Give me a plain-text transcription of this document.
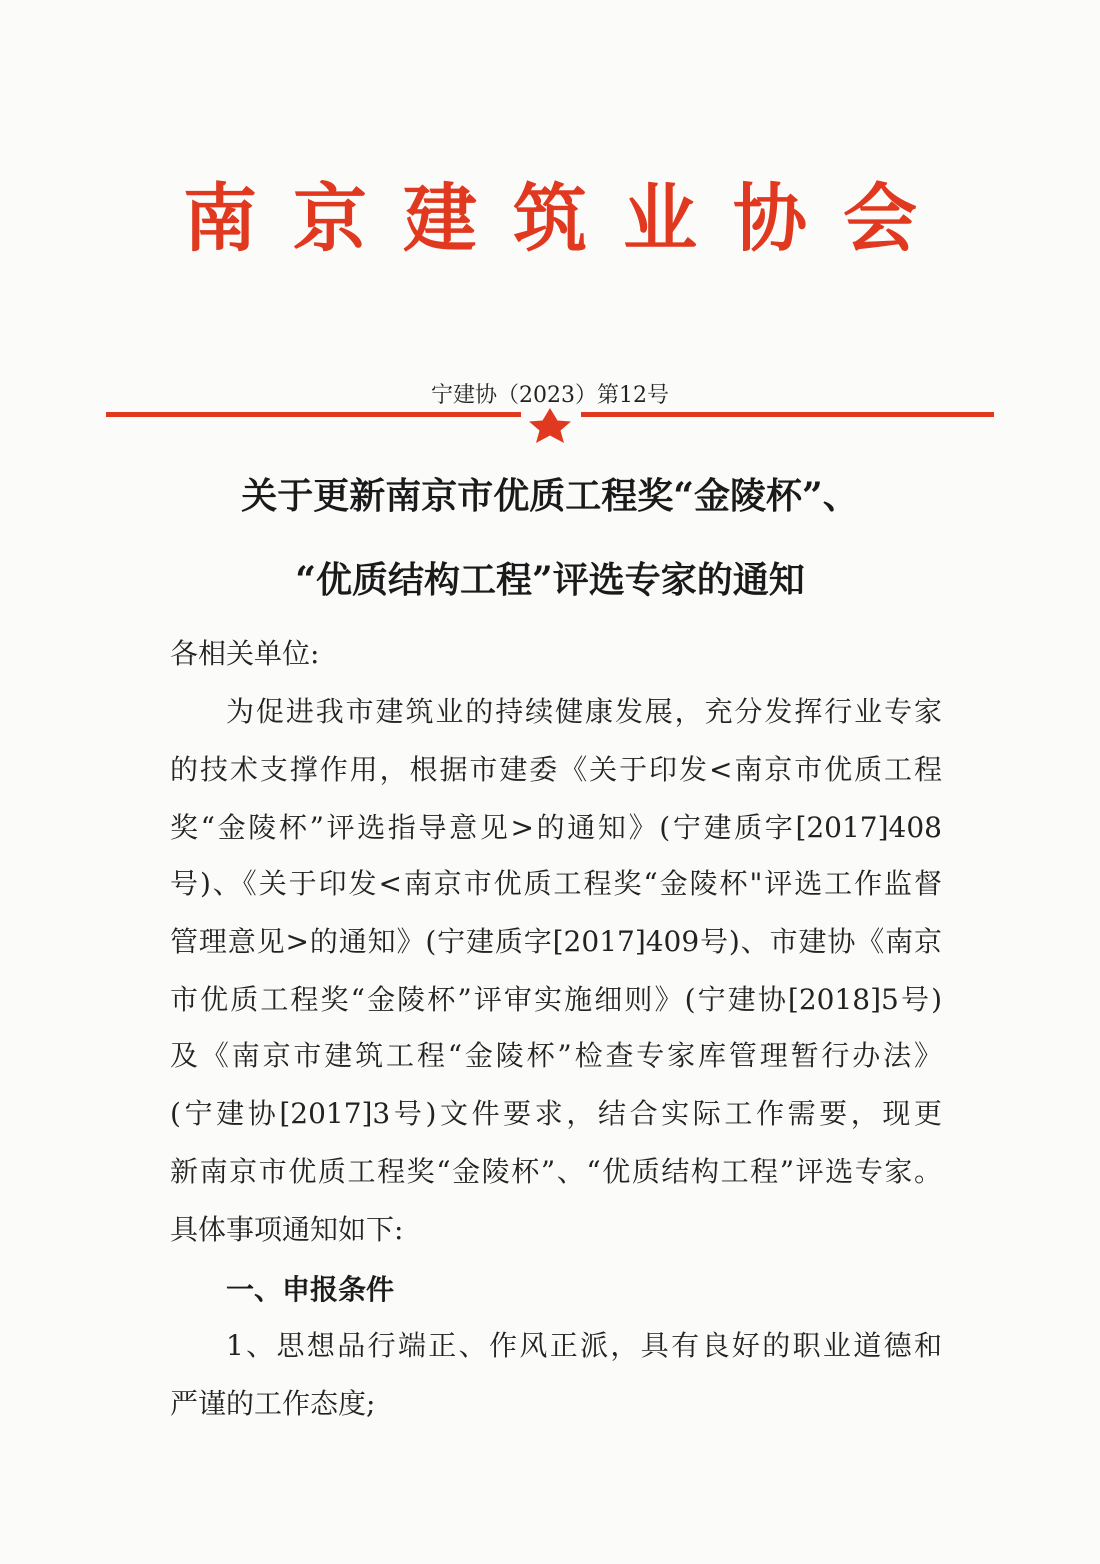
南京建筑业协会
宁建协（2023）第12号
关于更新南京市优质工程奖“金陵杯”、
“优质结构工程”评选专家的通知
各相关单位:
为促进我市建筑业的持续健康发展，充分发挥行业专家
的技术支撑作用，根据市建委《关于印发<南京市优质工程
奖“金陵杯”评选指导意见>的通知》(宁建质字[2017]408
号)、《关于印发<南京市优质工程奖“金陵杯"评选工作监督
管理意见>的通知》(宁建质字[2017]409号)、市建协《南京
市优质工程奖“金陵杯”评审实施细则》(宁建协[2018]5号)
及《南京市建筑工程“金陵杯”检查专家库管理暂行办法》
(宁建协[2017]3号)文件要求，结合实际工作需要，现更
新南京市优质工程奖“金陵杯”、“优质结构工程”评选专家。
具体事项通知如下:
一、申报条件
1、思想品行端正、作风正派，具有良好的职业道德和
严谨的工作态度;
